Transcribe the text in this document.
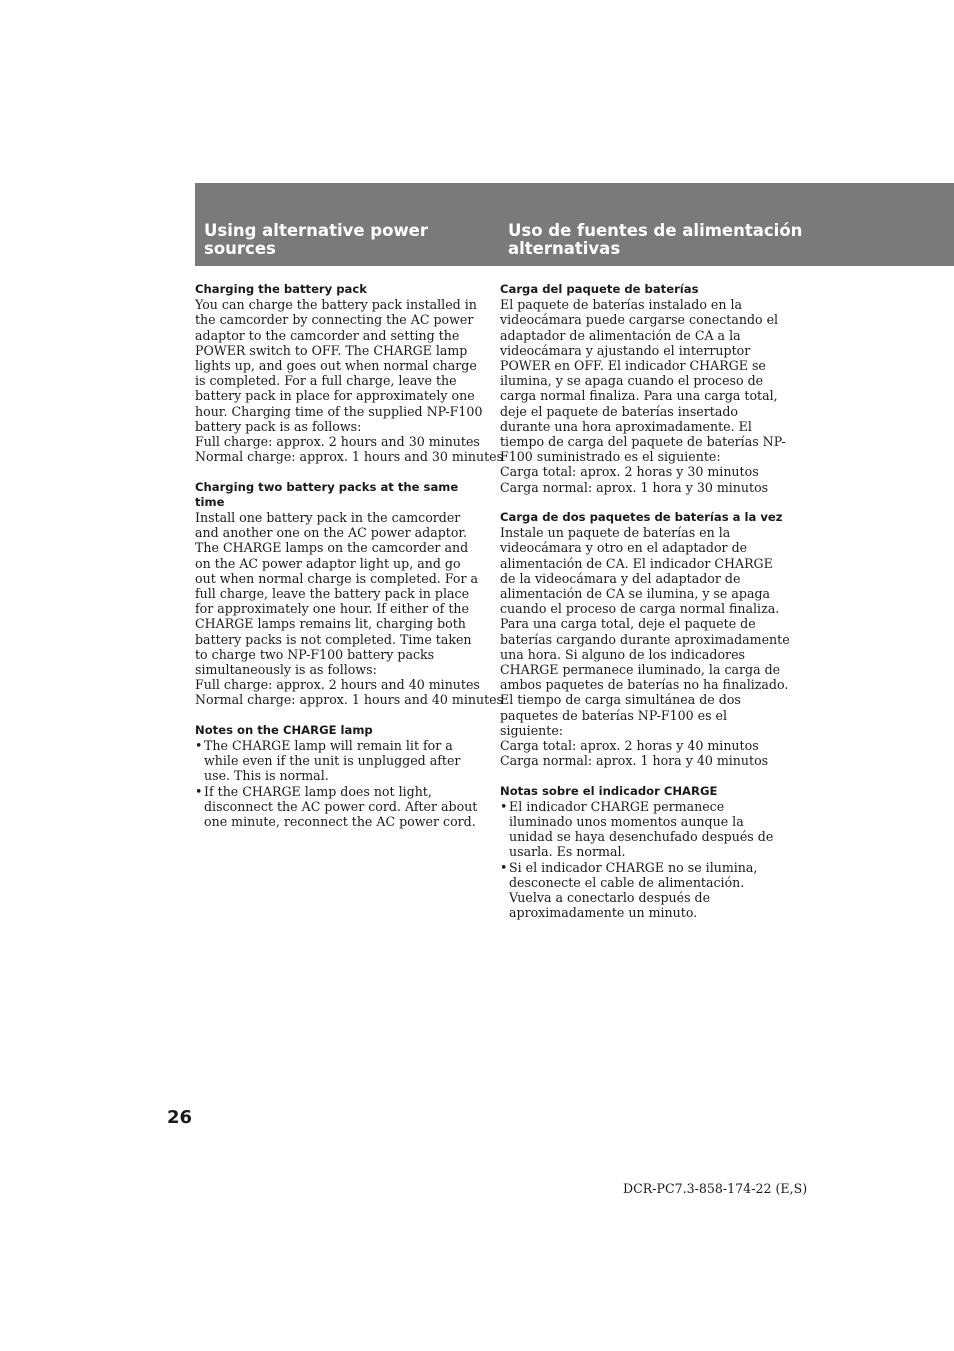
Using alternative power sources
Uso de fuentes de alimentación alternativas
Charging the battery pack

You can charge the battery pack installed in the camcorder by connecting the AC power adaptor to the camcorder and setting the POWER switch to OFF. The CHARGE lamp lights up, and goes out when normal charge is completed. For a full charge, leave the battery pack in place for approximately one hour. Charging time of the supplied NP-F100 battery pack is as follows:

Full charge: approx. 2 hours and 30 minutes

Normal charge: approx. 1 hours and 30 minutes

Charging two battery packs at the same time

Install one battery pack in the camcorder and another one on the AC power adaptor. The CHARGE lamps on the camcorder and on the AC power adaptor light up, and go out when normal charge is completed. For a full charge, leave the battery pack in place for approximately one hour. If either of the CHARGE lamps remains lit, charging both battery packs is not completed. Time taken to charge two NP-F100 battery packs simultaneously is as follows:

Full charge: approx. 2 hours and 40 minutes

Normal charge: approx. 1 hours and 40 minutes

Notes on the CHARGE lamp
• The CHARGE lamp will remain lit for a while even if the unit is unplugged after use. This is normal.
• If the CHARGE lamp does not light, disconnect the AC power cord. After about one minute, reconnect the AC power cord.
Carga del paquete de baterías

El paquete de baterías instalado en la videocámara puede cargarse conectando el adaptador de alimentación de CA a la videocámara y ajustando el interruptor POWER en OFF. El indicador CHARGE se ilumina, y se apaga cuando el proceso de carga normal finaliza. Para una carga total, deje el paquete de baterías insertado durante una hora aproximadamente. El tiempo de carga del paquete de baterías NP-F100 suministrado es el siguiente:

Carga total: aprox. 2 horas y 30 minutos

Carga normal: aprox. 1 hora y 30 minutos

Carga de dos paquetes de baterías a la vez

Instale un paquete de baterías en la videocámara y otro en el adaptador de alimentación de CA. El indicador CHARGE de la videocámara y del adaptador de alimentación de CA se ilumina, y se apaga cuando el proceso de carga normal finaliza. Para una carga total, deje el paquete de baterías cargando durante aproximadamente una hora. Si alguno de los indicadores CHARGE permanece iluminado, la carga de ambos paquetes de baterías no ha finalizado. El tiempo de carga simultánea de dos paquetes de baterías NP-F100 es el siguiente:

Carga total: aprox. 2 horas y 40 minutos

Carga normal: aprox. 1 hora y 40 minutos

Notas sobre el indicador CHARGE
• El indicador CHARGE permanece iluminado unos momentos aunque la unidad se haya desenchufado después de usarla. Es normal.
• Si el indicador CHARGE no se ilumina, desconecte el cable de alimentación. Vuelva a conectarlo después de aproximadamente un minuto.

26

DCR-PC7.3-858-174-22 (E,S)
